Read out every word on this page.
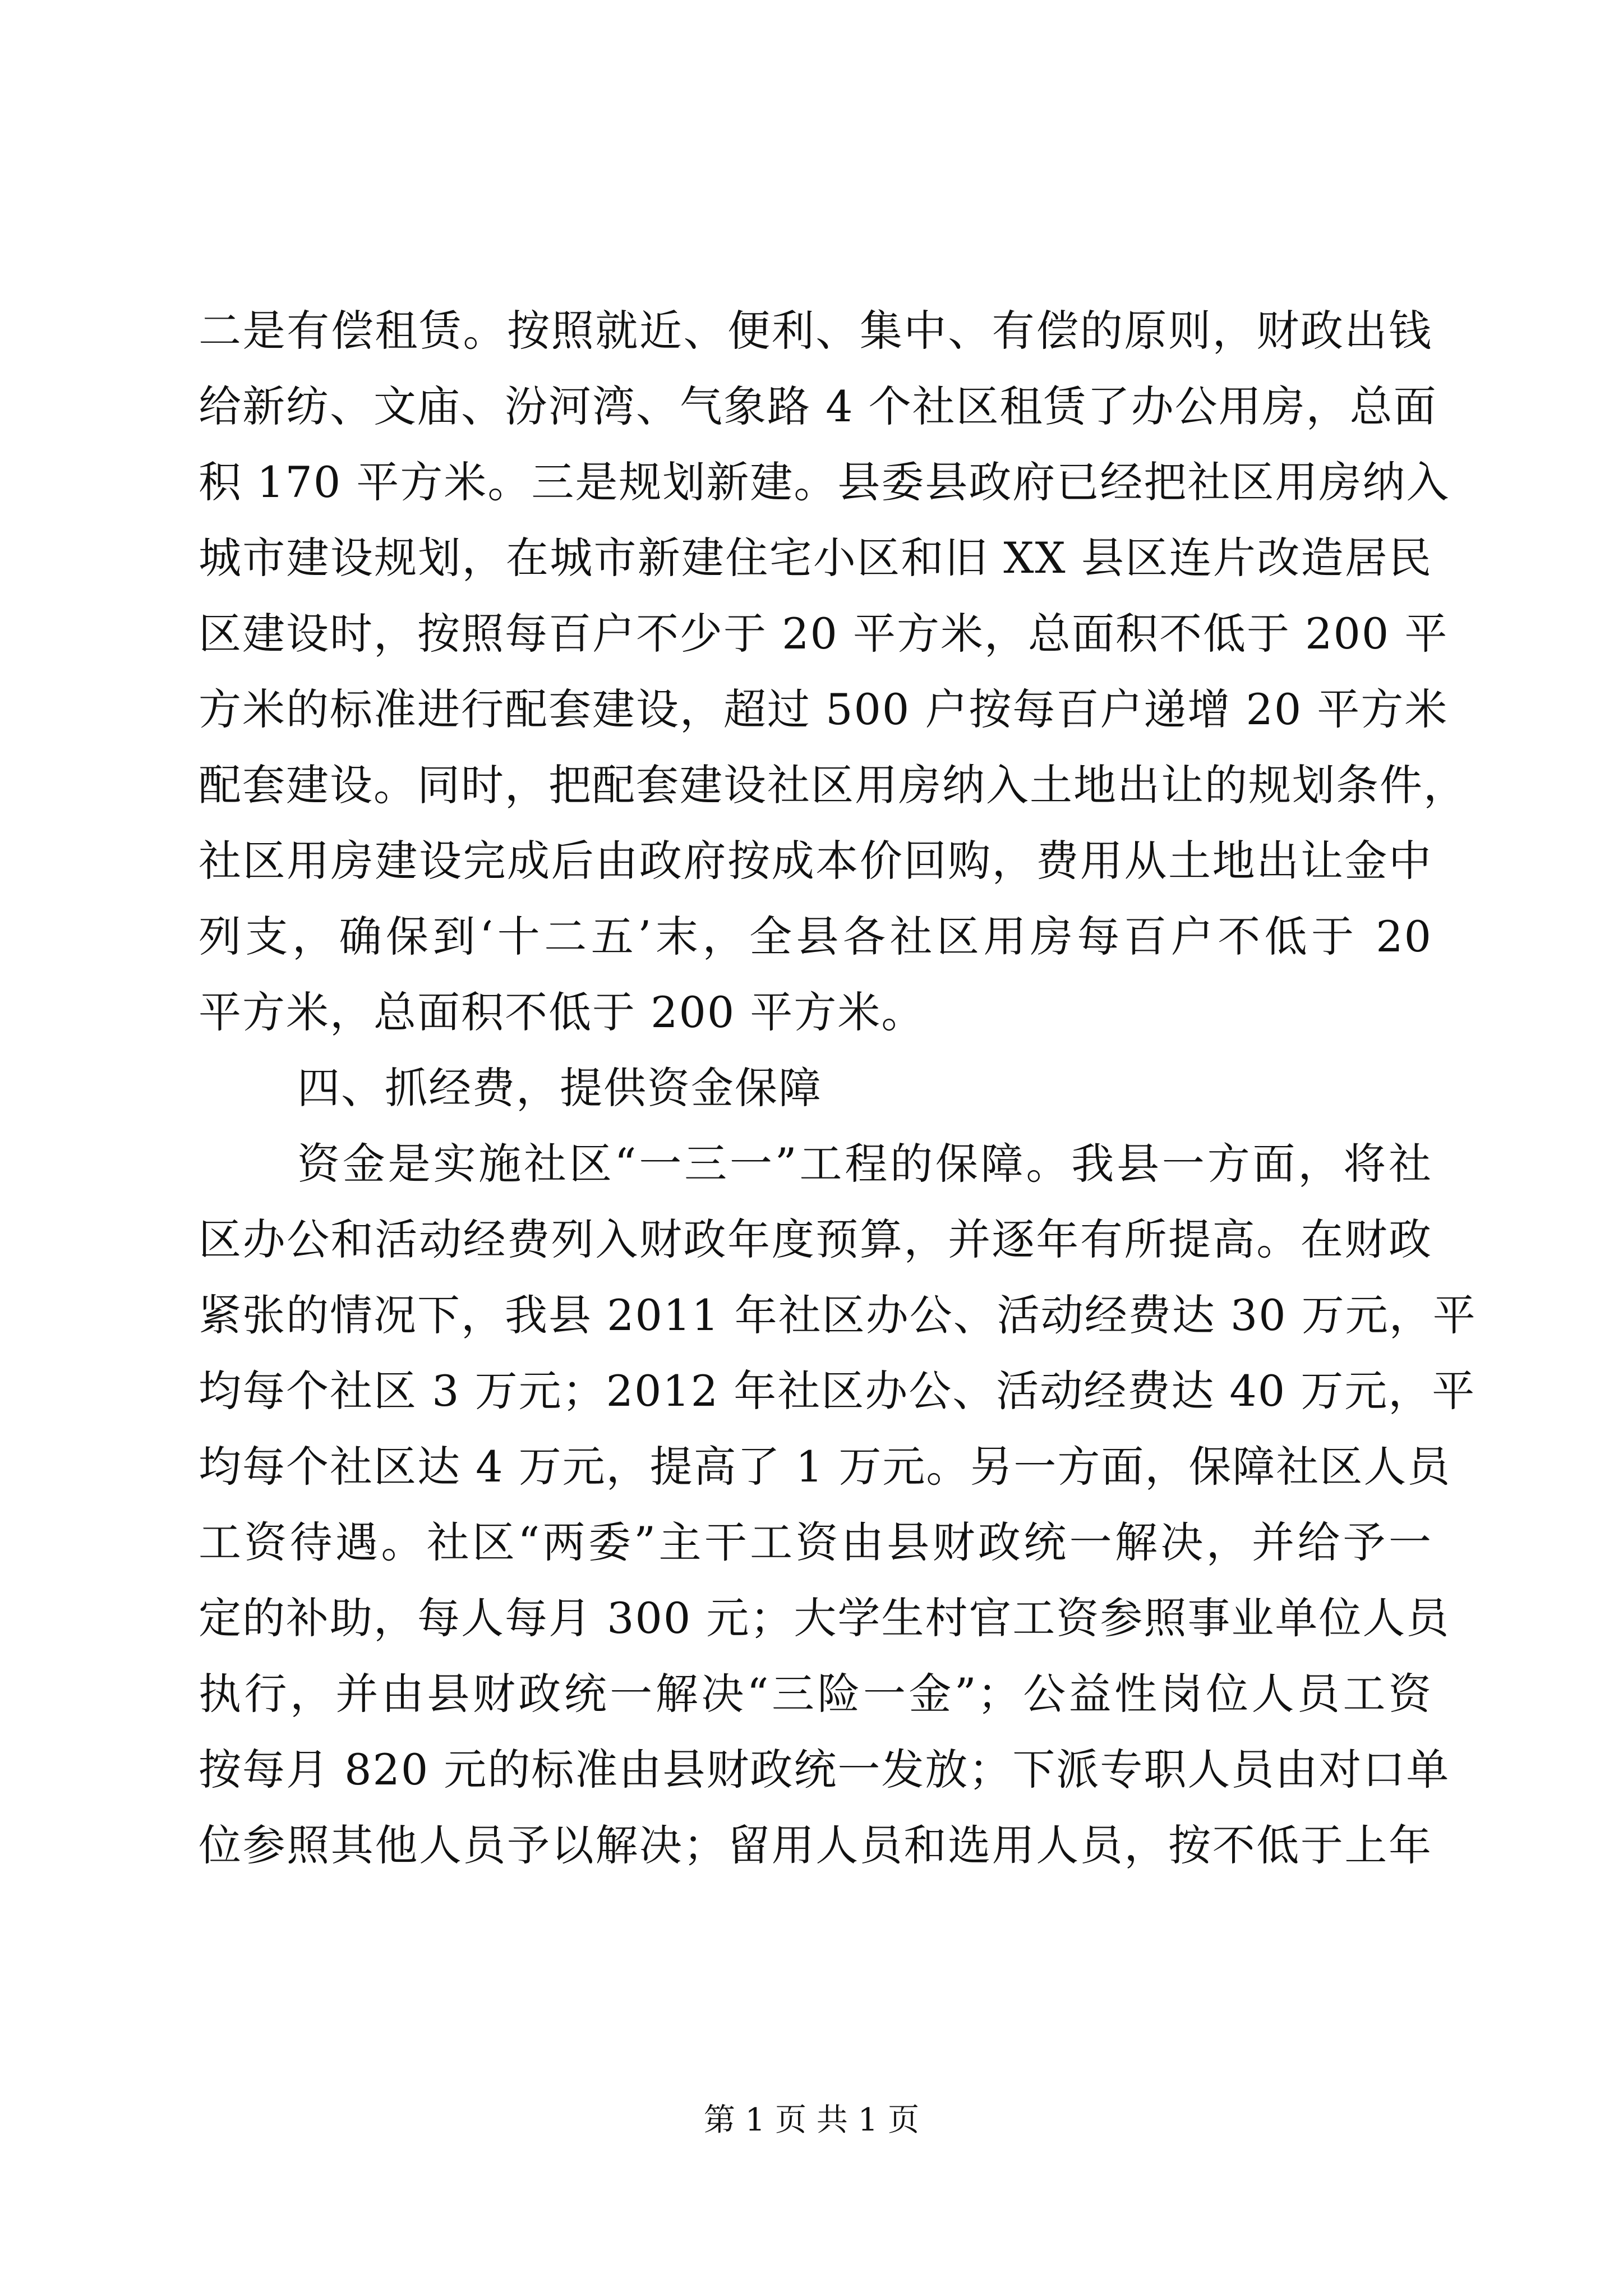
二是有偿租赁。按照就近、便利、集中、有偿的原则，财政出钱
给新纺、文庙、汾河湾、气象路 4 个社区租赁了办公用房，总面
积 170 平方米。三是规划新建。县委县政府已经把社区用房纳入
城市建设规划，在城市新建住宅小区和旧 XX 县区连片改造居民
区建设时，按照每百户不少于 20 平方米，总面积不低于 200 平
方米的标准进行配套建设，超过 500 户按每百户递增 20 平方米
配套建设。同时，把配套建设社区用房纳入土地出让的规划条件，
社区用房建设完成后由政府按成本价回购，费用从土地出让金中
列支，确保到‘十二五’末，全县各社区用房每百户不低于 20
平方米，总面积不低于 200 平方米。
四、抓经费，提供资金保障
资金是实施社区“一三一”工程的保障。我县一方面，将社
区办公和活动经费列入财政年度预算，并逐年有所提高。在财政
紧张的情况下，我县 2011 年社区办公、活动经费达 30 万元，平
均每个社区 3 万元；2012 年社区办公、活动经费达 40 万元，平
均每个社区达 4 万元，提高了 1 万元。另一方面，保障社区人员
工资待遇。社区“两委”主干工资由县财政统一解决，并给予一
定的补助，每人每月 300 元；大学生村官工资参照事业单位人员
执行，并由县财政统一解决“三险一金”；公益性岗位人员工资
按每月 820 元的标准由县财政统一发放；下派专职人员由对口单
位参照其他人员予以解决；留用人员和选用人员，按不低于上年
第 1 页 共 1 页
